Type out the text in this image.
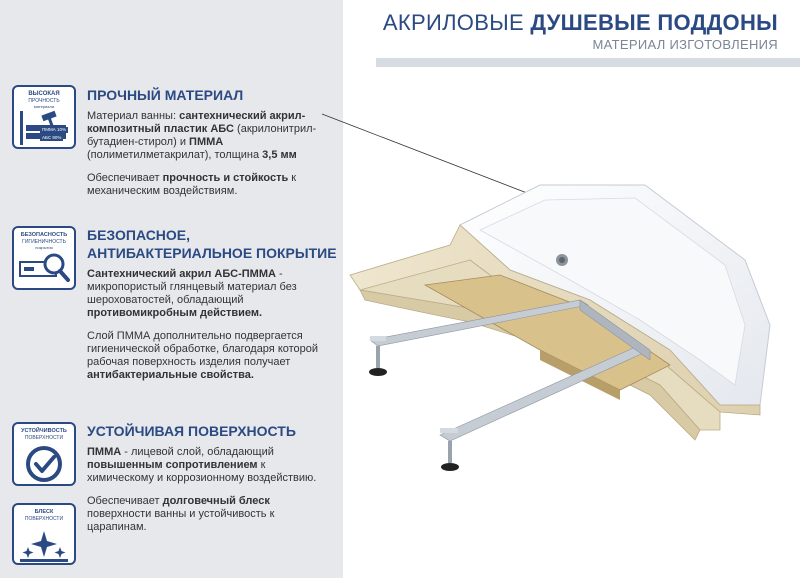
АКРИЛОВЫЕ ДУШЕВЫЕ ПОДДОНЫ
МАТЕРИАЛ ИЗГОТОВЛЕНИЯ
ВЫСОКАЯ
ПРОЧНОСТЬ
материала
ПММА 10%
АБС 90%
БЕЗОПАСНОСТЬ
ГИГИЕНИЧНОСТЬ
покрытия
УСТОЙЧИВОСТЬ
ПОВЕРХНОСТИ
БЛЕСК
ПОВЕРХНОСТИ
ПРОЧНЫЙ МАТЕРИАЛ

Материал ванны: сантехнический акрил-композитный пластик АБС (акрилонитрил-бутадиен-стирол) и ПММА (полиметилметакрилат), толщина 3,5 мм

Обеспечивает прочность и стойкость к механическим воздействиям.

БЕЗОПАСНОЕ,
АНТИБАКТЕРИАЛЬНОЕ ПОКРЫТИЕ

Сантехнический акрил АБС-ПММА - микропористый глянцевый материал без шероховатостей, обладающий противомикробным действием.

Слой ПММА дополнительно подвергается гигиенической обработке, благодаря которой рабочая поверхность изделия получает антибактериальные свойства.

УСТОЙЧИВАЯ ПОВЕРХНОСТЬ

ПММА - лицевой слой, обладающий повышенным сопротивлением к химическому и коррозионному воздействию.

Обеспечивает долговечный блеск поверхности ванны и устойчивость к царапинам.
